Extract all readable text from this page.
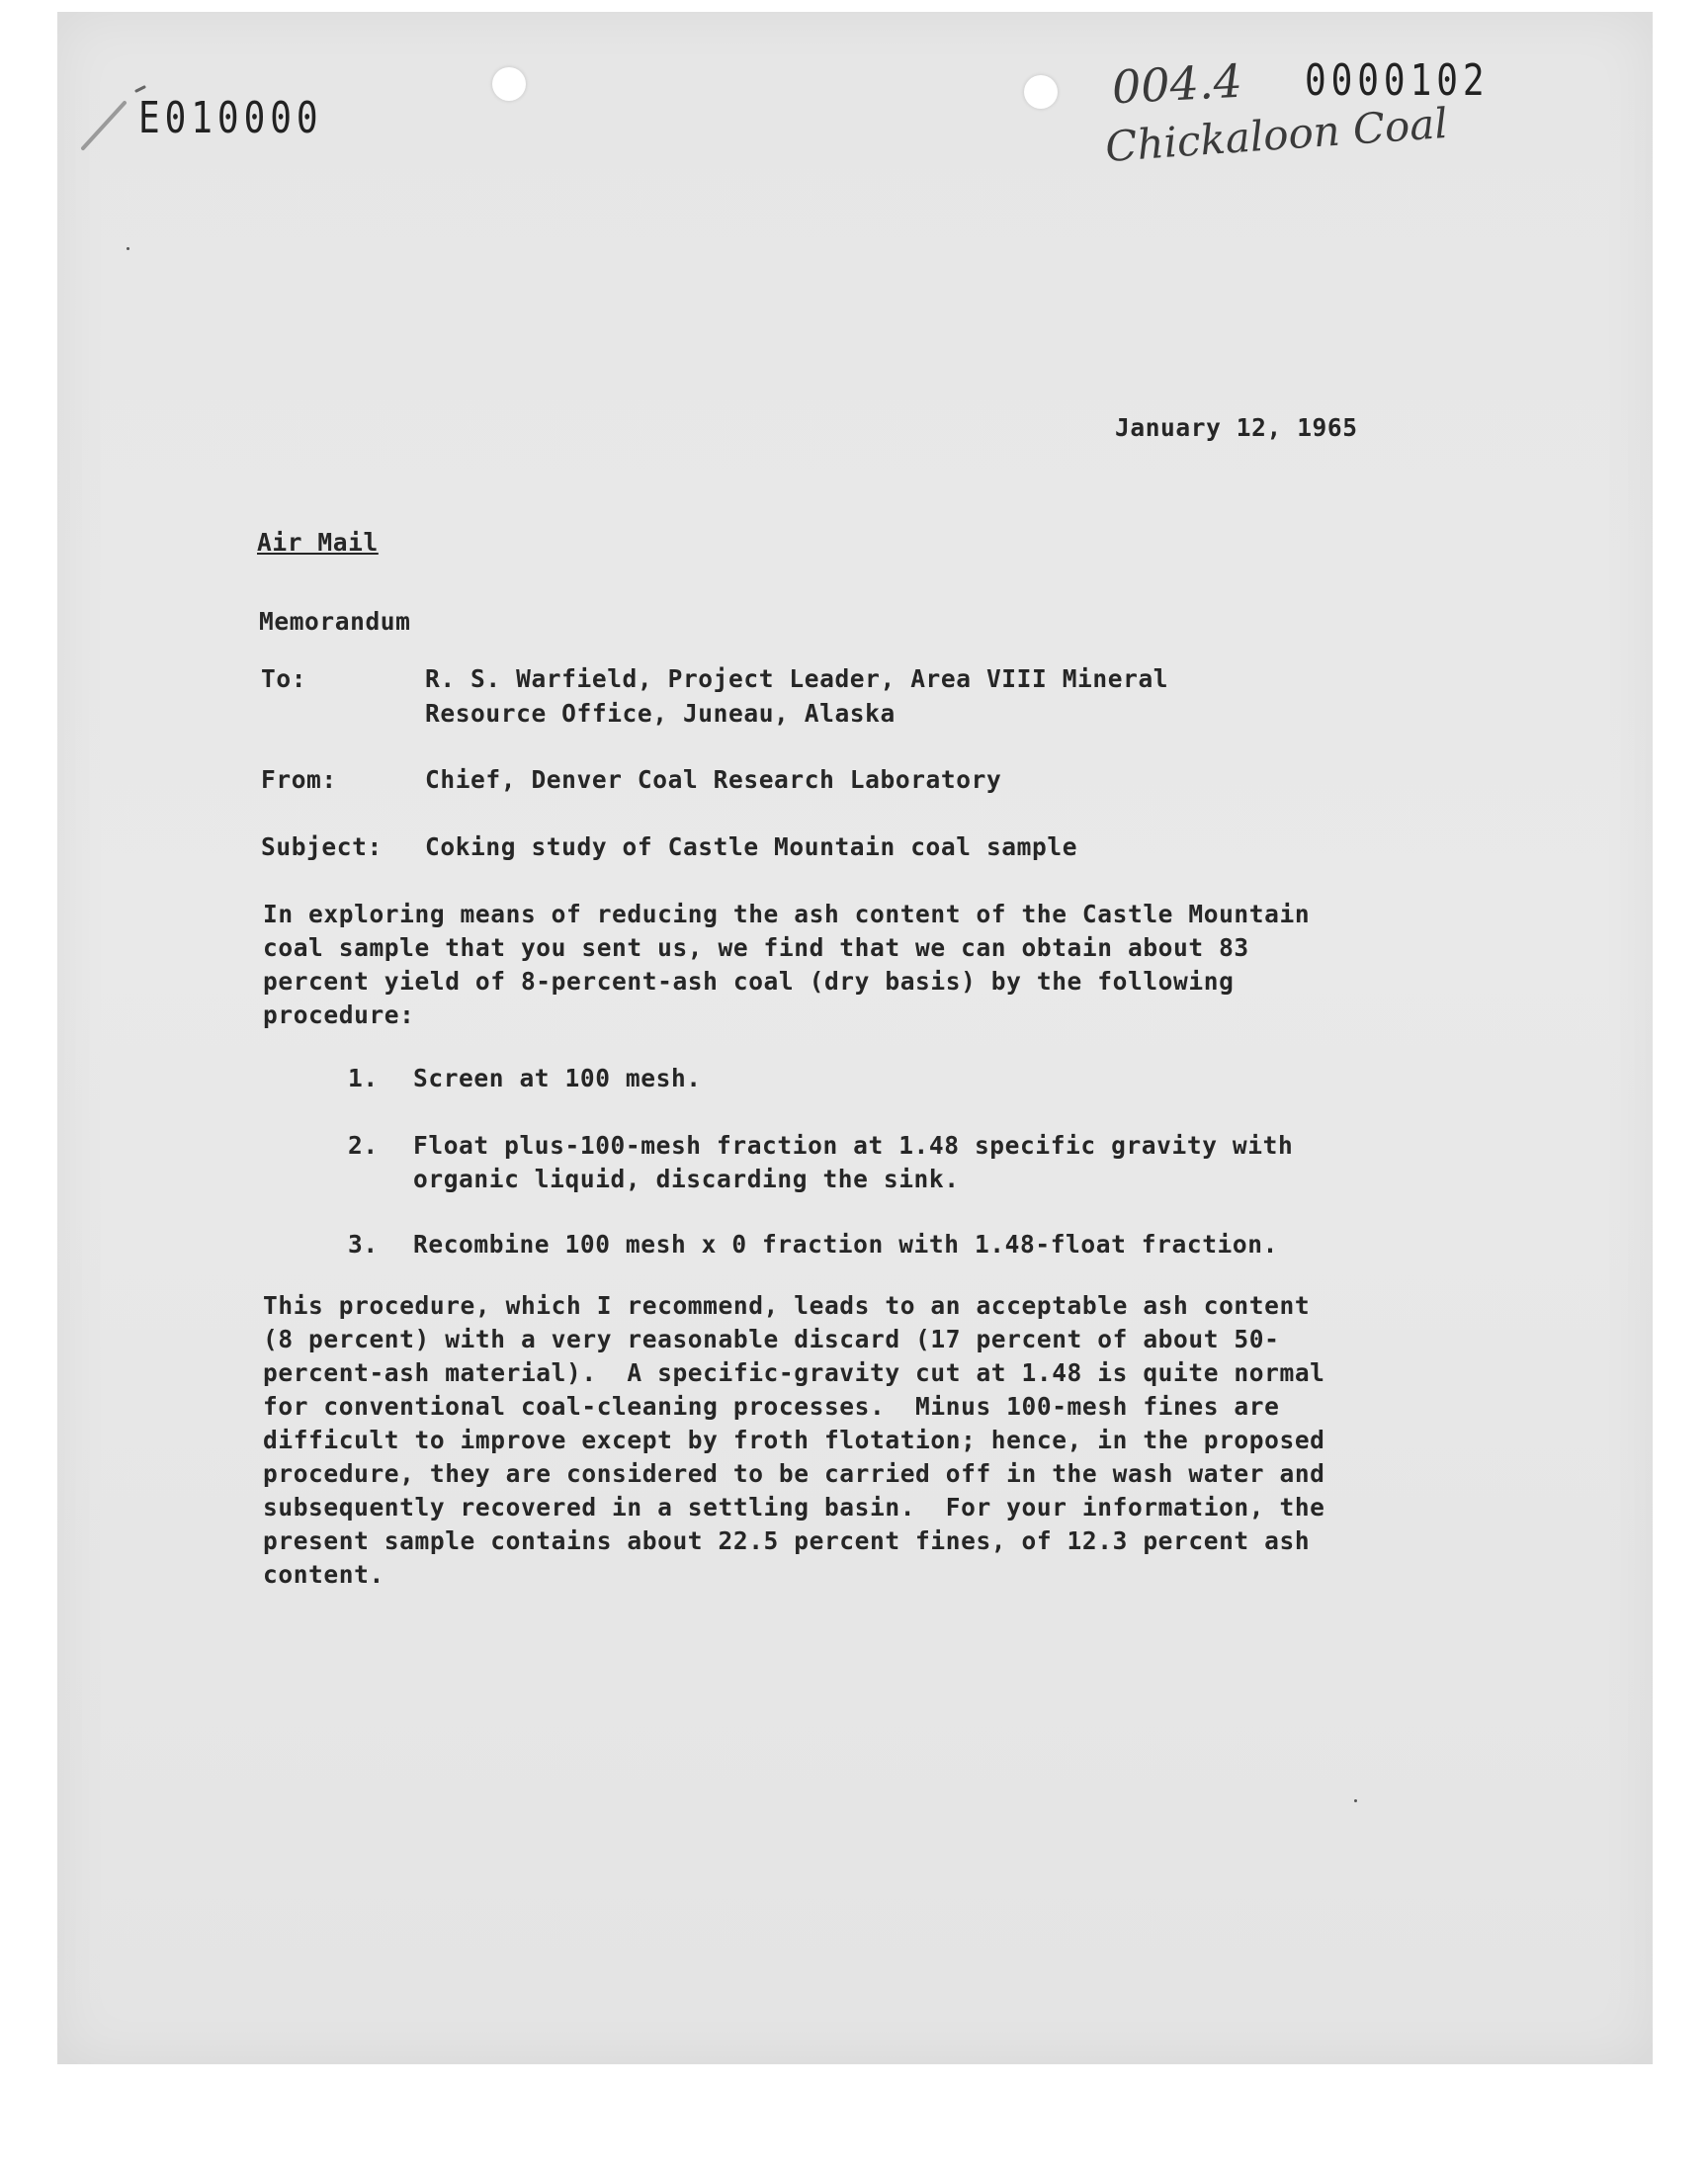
E010000
0000102
004.4
Chickaloon Coal
January 12, 1965
Air Mail
Memorandum
To:	R. S. Warfield, Project Leader, Area VIII Mineral
Resource Office, Juneau, Alaska
From:	Chief, Denver Coal Research Laboratory
Subject: Coking study of Castle Mountain coal sample
In exploring means of reducing the ash content of the Castle Mountain
coal sample that you sent us, we find that we can obtain about 83
percent yield of 8-percent-ash coal (dry basis) by the following
procedure:
1. Screen at 100 mesh.
2. Float plus-100-mesh fraction at 1.48 specific gravity with
organic liquid, discarding the sink.
3. Recombine 100 mesh x 0 fraction with 1.48-float fraction.
This procedure, which I recommend, leads to an acceptable ash content
(8 percent) with a very reasonable discard (17 percent of about 50-
percent-ash material).  A specific-gravity cut at 1.48 is quite normal
for conventional coal-cleaning processes.  Minus 100-mesh fines are
difficult to improve except by froth flotation; hence, in the proposed
procedure, they are considered to be carried off in the wash water and
subsequently recovered in a settling basin.  For your information, the
present sample contains about 22.5 percent fines, of 12.3 percent ash
content.
